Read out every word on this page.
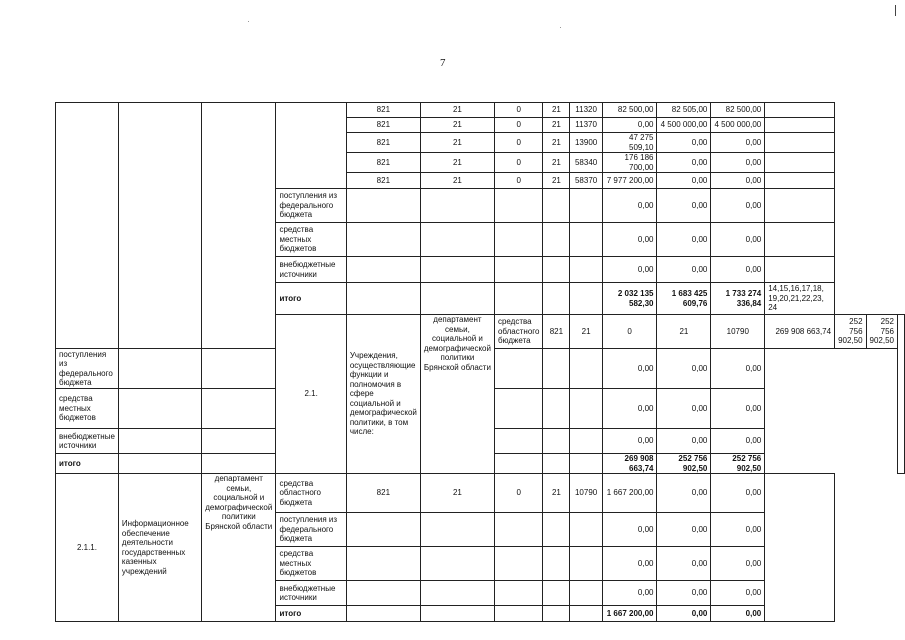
7
				821	21	0	21	11320	82 500,00	82 505,00	82 500,00				
				821	21	0	21	11370	0,00	4 500 000,00	4 500 000,00				
				821	21	0	21	13900	47 275 509,10	0,00	0,00				
				821	21	0	21	58340	176 186 700,00	0,00	0,00				
				821	21	0	21	58370	7 977 200,00	0,00	0,00				
			поступления из федерального бюджета						0,00	0,00	0,00				
			средства местных бюджетов						0,00	0,00	0,00				
			внебюджетные источники						0,00	0,00	0,00				
			итого						2 032 135 582,30	1 683 425 609,76	1 733 274 336,84	14,15,16,17,18, 19,20,21,22,23, 24			
			2.1.	Учреждения, осуществляющие функции и полномочия в сфере социальной и демографической политики, в том числе:	департамент семьи, социальной и демографической политики Брянской области	средства областного бюджета	821	21	0	21	10790	269 908 663,74	252 756 902,50	252 756 902,50	
поступления из федерального бюджета									0,00	0,00	0,00				
средства местных бюджетов									0,00	0,00	0,00				
внебюджетные источники									0,00	0,00	0,00				
итого									269 908 663,74	252 756 902,50	252 756 902,50				
2.1.1.	Информационное обеспечение деятельности государственных казенных учреждений	департамент семьи, социальной и демографической политики Брянской области	средства областного бюджета	821	21	0	21	10790	1 667 200,00	0,00	0,00				
			поступления из федерального бюджета						0,00	0,00	0,00				
			средства местных бюджетов						0,00	0,00	0,00				
			внебюджетные источники						0,00	0,00	0,00				
			итого						1 667 200,00	0,00	0,00				
